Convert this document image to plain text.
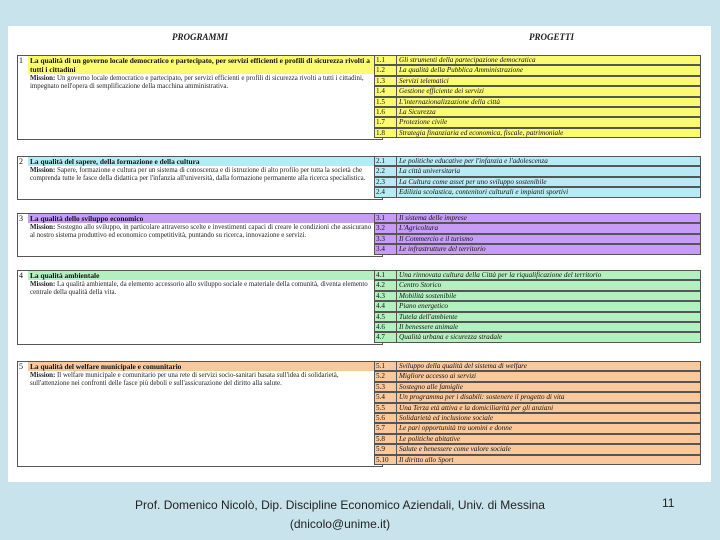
PROGRAMMI	PROGETTI
1 La qualità di un governo locale democratico e partecipato, per servizi efficienti e profili di sicurezza rivolti a tutti i cittadini
Mission: Un governo locale democratico e partecipato, per servizi efficienti e profili di sicurezza rivolti a tutti i cittadini, impegnato nell'opera di semplificazione della macchina amministrativa.
1.1 Gli strumenti della partecipazione democratica
1.2 La qualità della Pubblica Amministrazione
1.3 Servizi telematici
1.4 Gestione efficiente dei servizi
1.5 L'internazionalizzazione della città
1.6 La Sicurezza
1.7 Protezione civile
1.8 Strategia finanziaria ed economica, fiscale, patrimoniale
2 La qualità del sapere, della formazione e della cultura
Mission: Sapere, formazione e cultura per un sistema di conoscenza e di istruzione di alto profilo per tutta la società che comprenda tutte le fasce della didattica per l'infanzia all'università, dalla formazione permanente alla ricerca specialistica.
2.1 Le politiche educative per l'infanzia e l'adolescenza
2.2 La città universitaria
2.3 La Cultura come asset per uno sviluppo sostenibile
2.4 Edilizia scolastica, contenitori culturali e impianti sportivi
3 La qualità dello sviluppo economico
Mission: Sostegno allo sviluppo, in particolare attraverso scelte e investimenti capaci di creare le condizioni che assicurano al nostro sistema produttivo ed economico competitività, puntando su ricerca, innovazione e servizi.
3.1 Il sistema delle imprese
3.2 L'Agricoltura
3.3 Il Commercio e il turismo
3.4 Le infrastrutture del territorio
4 La qualità ambientale
Mission: La qualità ambientale, da elemento accessorio allo sviluppo sociale e materiale della comunità, diventa elemento centrale della qualità della vita.
4.1 Una rinnovata cultura della Città per la riqualificazione del territorio
4.2 Centro Storico
4.3 Mobilità sostenibile
4.4 Piano energetico
4.5 Tutela dell'ambiente
4.6 Il benessere animale
4.7 Qualità urbana e sicurezza stradale
5 La qualità del welfare municipale e comunitario
Mission: Il welfare municipale e comunitario per una rete di servizi socio-sanitari basata sull'idea di solidarietà, sull'attenzione nei confronti delle fasce più deboli e sull'assicurazione del diritto alla salute.
5.1 Sviluppo della qualità del sistema di welfare
5.2 Migliore accesso ai servizi
5.3 Sostegno alle famiglie
5.4 Un programma per i disabili: sostenere il progetto di vita
5.5 Una Terza età attiva e la domiciliarità per gli anziani
5.6 Solidarietà ed inclusione sociale
5.7 Le pari opportunità tra uomini e donne
5.8 Le politiche abitative
5.9 Salute e benessere come valore sociale
5.10 Il diritto allo Sport
Prof. Domenico Nicolò, Dip. Discipline Economico Aziendali, Univ. di Messina
(dnicolo@unime.it)
11
